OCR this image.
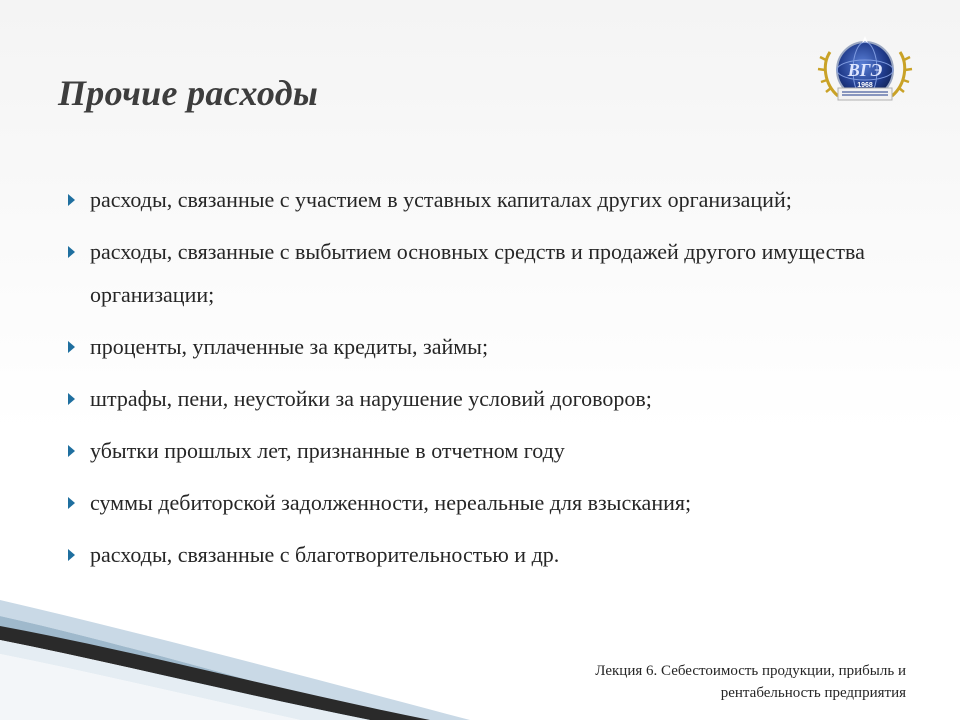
Прочие расходы
ВГЭ
1968
расходы, связанные с участием в уставных капиталах других организаций;
расходы, связанные с выбытием основных средств и продажей другого имущества организации;
проценты, уплаченные за кредиты, займы;
штрафы, пени, неустойки за нарушение условий договоров;
убытки прошлых лет, признанные в отчетном году
суммы дебиторской задолженности, нереальные для взыскания;
расходы, связанные с благотворительностью и др.
Лекция 6. Себестоимость продукции, прибыль и
рентабельность предприятия
